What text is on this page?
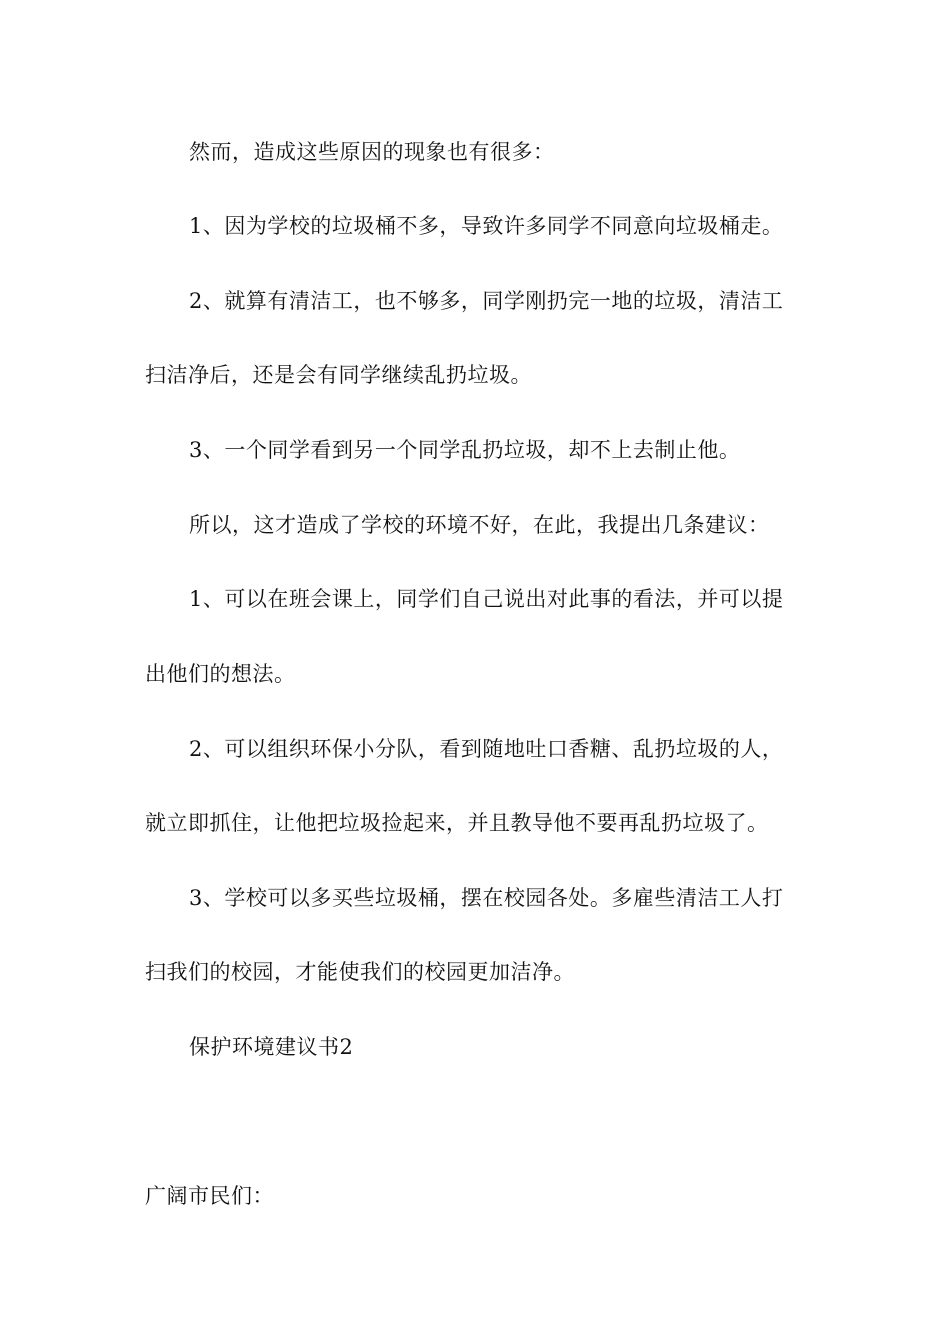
然而，造成这些原因的现象也有很多：

1、因为学校的垃圾桶不多，导致许多同学不同意向垃圾桶走。

2、就算有清洁工，也不够多，同学刚扔完一地的垃圾，清洁工

扫洁净后，还是会有同学继续乱扔垃圾。

3、一个同学看到另一个同学乱扔垃圾，却不上去制止他。

所以，这才造成了学校的环境不好，在此，我提出几条建议：

1、可以在班会课上，同学们自己说出对此事的看法，并可以提

出他们的想法。

2、可以组织环保小分队，看到随地吐口香糖、乱扔垃圾的人，

就立即抓住，让他把垃圾捡起来，并且教导他不要再乱扔垃圾了。

3、学校可以多买些垃圾桶，摆在校园各处。多雇些清洁工人打

扫我们的校园，才能使我们的校园更加洁净。

保护环境建议书2

广阔市民们：
